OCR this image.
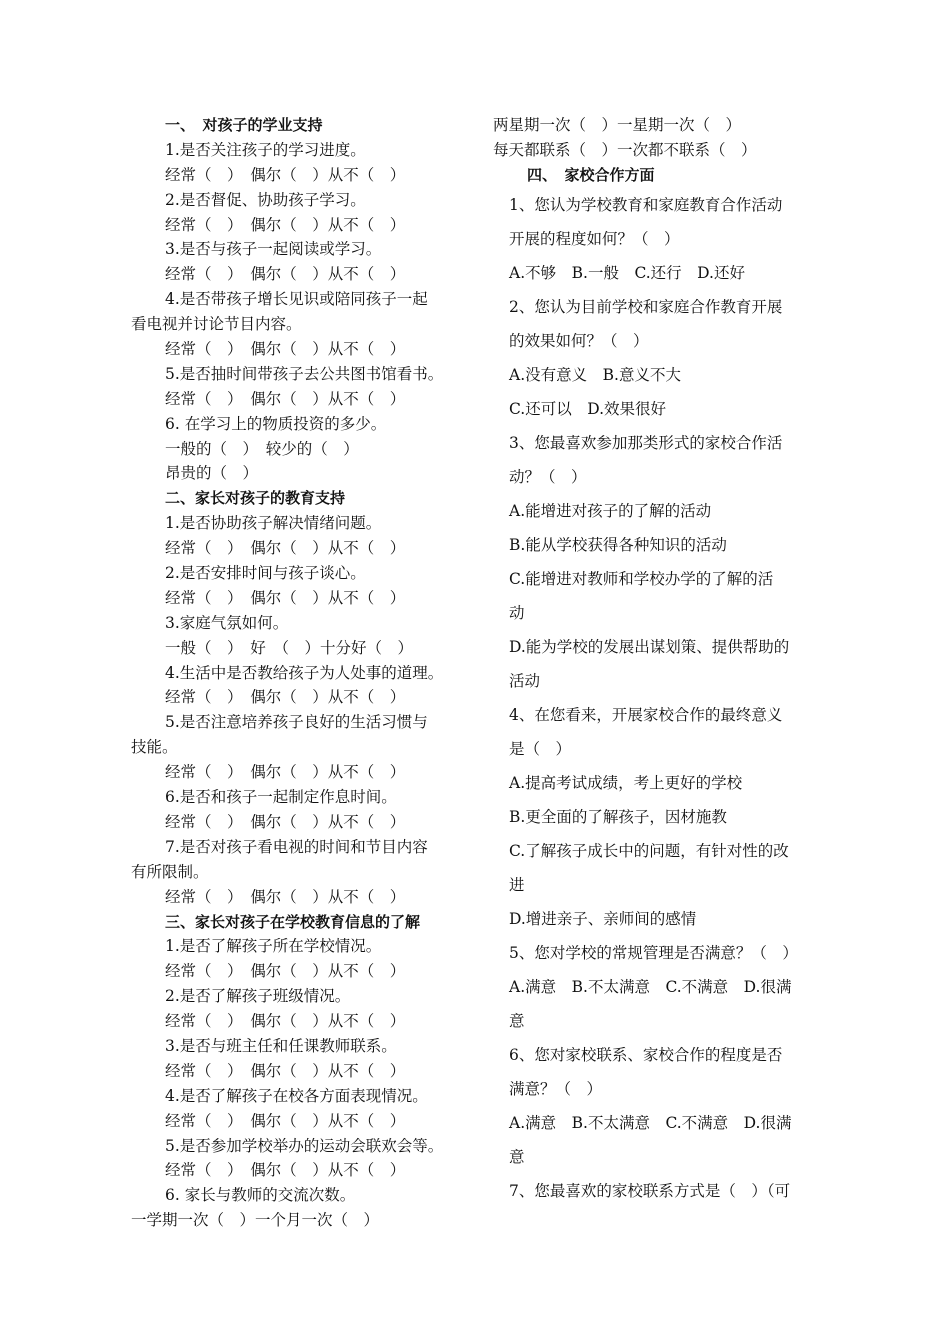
一、　对孩子的学业支持
1.是否关注孩子的学习进度。
经常（　）　偶尔（　）从不（　）
2.是否督促、协助孩子学习。
经常（　）　偶尔（　）从不（　）
3.是否与孩子一起阅读或学习。
经常（　）　偶尔（　）从不（　）
4.是否带孩子增长见识或陪同孩子一起
看电视并讨论节目内容。
经常（　）　偶尔（　）从不（　）
5.是否抽时间带孩子去公共图书馆看书。
经常（　）　偶尔（　）从不（　）
6. 在学习上的物质投资的多少。
一般的（　）　较少的（　）
昂贵的（　）
二、家长对孩子的教育支持
1.是否协助孩子解决情绪问题。
经常（　）　偶尔（　）从不（　）
2.是否安排时间与孩子谈心。
经常（　）　偶尔（　）从不（　）
3.家庭气氛如何。
一般（　）　好　（　）十分好（　）
4.生活中是否教给孩子为人处事的道理。
经常（　）　偶尔（　）从不（　）
5.是否注意培养孩子良好的生活习惯与
技能。
经常（　）　偶尔（　）从不（　）
6.是否和孩子一起制定作息时间。
经常（　）　偶尔（　）从不（　）
7.是否对孩子看电视的时间和节目内容
有所限制。
经常（　）　偶尔（　）从不（　）
三、家长对孩子在学校教育信息的了解
1.是否了解孩子所在学校情况。
经常（　）　偶尔（　）从不（　）
2.是否了解孩子班级情况。
经常（　）　偶尔（　）从不（　）
3.是否与班主任和任课教师联系。
经常（　）　偶尔（　）从不（　）
4.是否了解孩子在校各方面表现情况。
经常（　）　偶尔（　）从不（　）
5.是否参加学校举办的运动会联欢会等。
经常（　）　偶尔（　）从不（　）
6. 家长与教师的交流次数。
一学期一次（　）一个月一次（　）
两星期一次（　）一星期一次（　）
每天都联系（　）一次都不联系（　）
四、　家校合作方面
1、您认为学校教育和家庭教育合作活动
开展的程度如何？（　）
A.不够　B.一般　C.还行　D.还好
2、您认为目前学校和家庭合作教育开展
的效果如何？（　）
A.没有意义　B.意义不大
C.还可以　D.效果很好
3、您最喜欢参加那类形式的家校合作活
动？（　）
A.能增进对孩子的了解的活动
B.能从学校获得各种知识的活动
C.能增进对教师和学校办学的了解的活
动
D.能为学校的发展出谋划策、提供帮助的
活动
4、在您看来，开展家校合作的最终意义
是（　）
A.提高考试成绩，考上更好的学校
B.更全面的了解孩子，因材施教
C.了解孩子成长中的问题，有针对性的改
进
D.增进亲子、亲师间的感情
5、您对学校的常规管理是否满意？（　）
A.满意　B.不太满意　C.不满意　D.很满
意
6、您对家校联系、家校合作的程度是否
满意？（　）
A.满意　B.不太满意　C.不满意　D.很满
意
7、您最喜欢的家校联系方式是（　）（可
